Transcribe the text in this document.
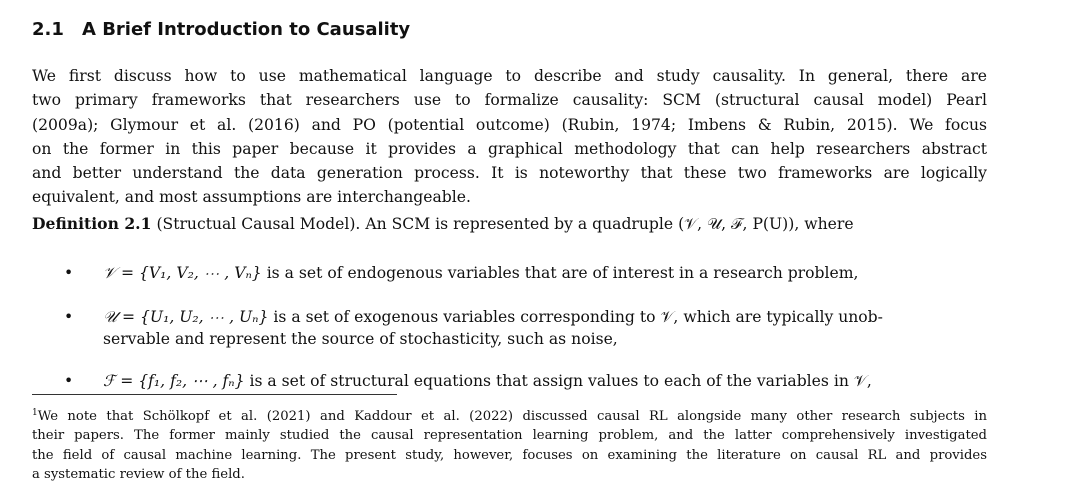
2.1 A Brief Introduction to Causality
We first discuss how to use mathematical language to describe and study causality. In general, there are
two primary frameworks that researchers use to formalize causality: SCM (structural causal model) Pearl
(2009a); Glymour et al. (2016) and PO (potential outcome) (Rubin, 1974; Imbens & Rubin, 2015). We focus
on the former in this paper because it provides a graphical methodology that can help researchers abstract
and better understand the data generation process. It is noteworthy that these two frameworks are logically
equivalent, and most assumptions are interchangeable.
Definition 2.1 (Structual Causal Model). An SCM is represented by a quadruple (𝒱, 𝒰, ℱ, P(U)), where
•	𝒱 = {V₁, V₂, ⋯ , Vₙ} is a set of endogenous variables that are of interest in a research problem,
•	𝒰 = {U₁, U₂, ⋯ , Uₙ} is a set of exogenous variables corresponding to 𝒱, which are typically unob-
servable and represent the source of stochasticity, such as noise,
•	ℱ = {f₁, f₂, ⋯ , fₙ} is a set of structural equations that assign values to each of the variables in 𝒱,
$^1$We note that Schölkopf et al. (2021) and Kaddour et al. (2022) discussed causal RL alongside many other research subjects in
their papers. The former mainly studied the causal representation learning problem, and the latter comprehensively investigated
the field of causal machine learning. The present study, however, focuses on examining the literature on causal RL and provides
a systematic review of the field.
